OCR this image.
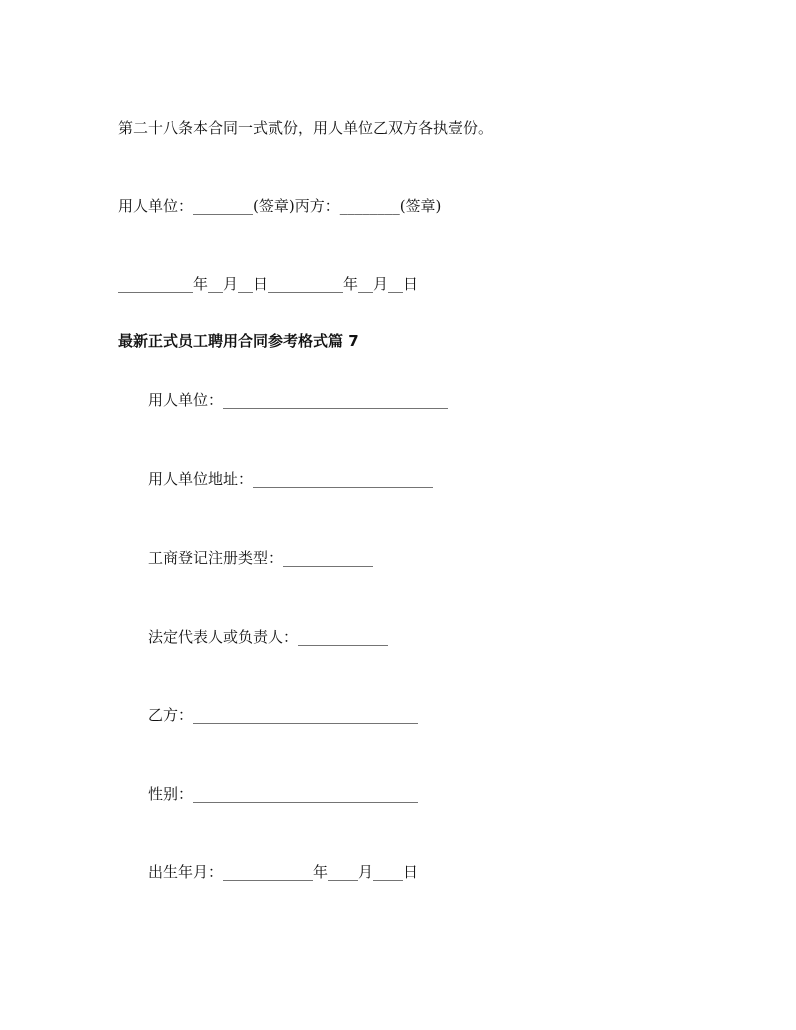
第二十八条本合同一式贰份，用人单位乙双方各执壹份。
用人单位：________(签章)丙方：________(签章)
__________年__月__日__________年__月__日
最新正式员工聘用合同参考格式篇 7
用人单位：______________________________
用人单位地址：________________________
工商登记注册类型：____________
法定代表人或负责人：____________
乙方：______________________________
性别：______________________________
出生年月：____________年____月____日
